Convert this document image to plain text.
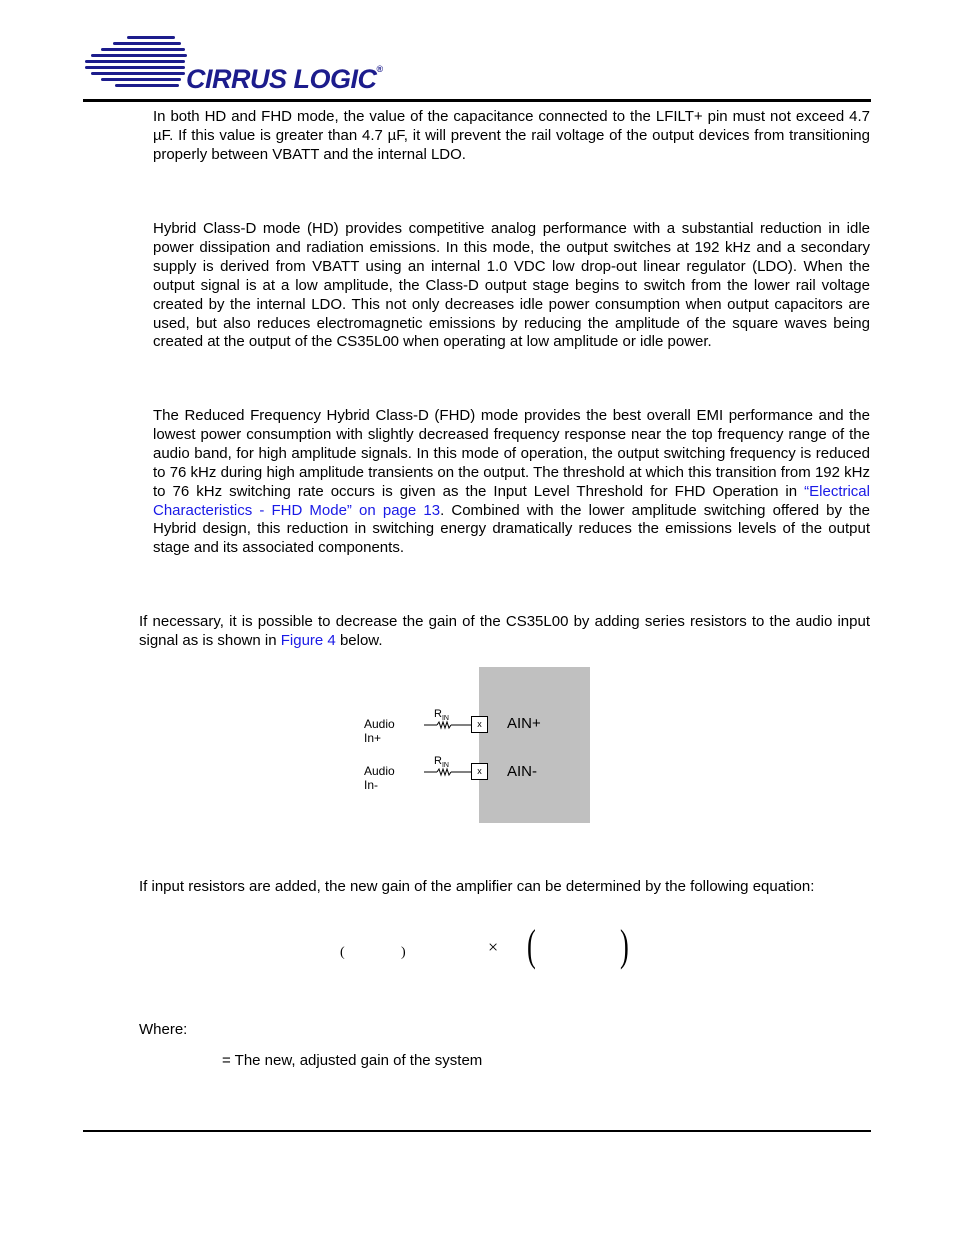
CIRRUS LOGIC®

In both HD and FHD mode, the value of the capacitance connected to the LFILT+ pin must not exceed 4.7 µF. If this value is greater than 4.7 µF, it will prevent the rail voltage of the output devices from transitioning properly between VBATT and the internal LDO.

Hybrid Class-D mode (HD) provides competitive analog performance with a substantial reduction in idle power dissipation and radiation emissions. In this mode, the output switches at 192 kHz and a secondary supply is derived from VBATT using an internal 1.0 VDC low drop-out linear regulator (LDO). When the output signal is at a low amplitude, the Class-D output stage begins to switch from the lower rail voltage created by the internal LDO. This not only decreases idle power consumption when output capacitors are used, but also reduces electromagnetic emissions by reducing the amplitude of the square waves being created at the output of the CS35L00 when operating at low amplitude or idle power.

The Reduced Frequency Hybrid Class-D (FHD) mode provides the best overall EMI performance and the lowest power consumption with slightly decreased frequency response near the top frequency range of the audio band, for high amplitude signals. In this mode of operation, the output switching frequency is reduced to 76 kHz during high amplitude transients on the output. The threshold at which this transition from 192 kHz to 76 kHz switching rate occurs is given as the Input Level Threshold for FHD Operation in “Electrical Characteristics - FHD Mode” on page 13. Combined with the lower amplitude switching offered by the Hybrid design, this reduction in switching energy dramatically reduces the emissions levels of the output stage and its associated components.

If necessary, it is possible to decrease the gain of the CS35L00 by adding series resistors to the audio input signal as is shown in Figure 4 below.

Audio In+
Audio In-
$R_{IN}$
$R_{IN}$
x
x
AIN+
AIN-

If input resistors are added, the new gain of the amplifier can be determined by the following equation:

(	)	× ( )

Where:

= The new, adjusted gain of the system
